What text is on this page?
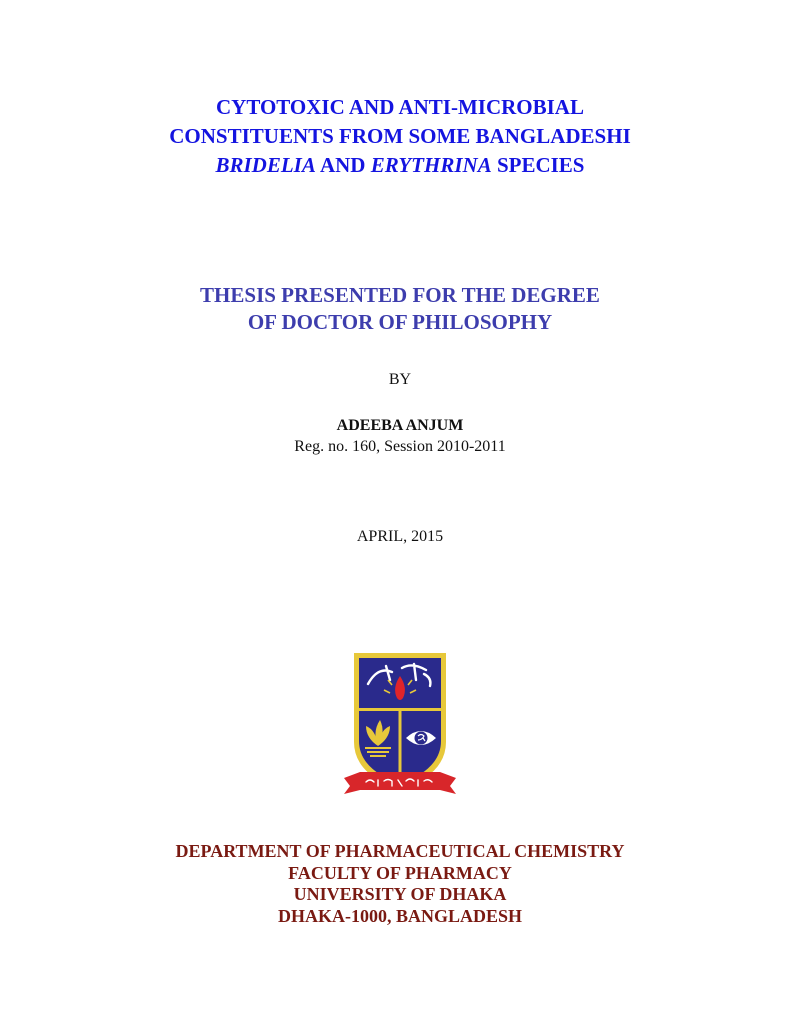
CYTOTOXIC AND ANTI-MICROBIAL
CONSTITUENTS FROM SOME BANGLADESHI
BRIDELIA AND ERYTHRINA SPECIES
THESIS PRESENTED FOR THE DEGREE
OF DOCTOR OF PHILOSOPHY
BY
ADEEBA ANJUM
Reg. no. 160, Session 2010-2011
APRIL, 2015
DEPARTMENT OF PHARMACEUTICAL CHEMISTRY
FACULTY OF PHARMACY
UNIVERSITY OF DHAKA
DHAKA-1000, BANGLADESH
